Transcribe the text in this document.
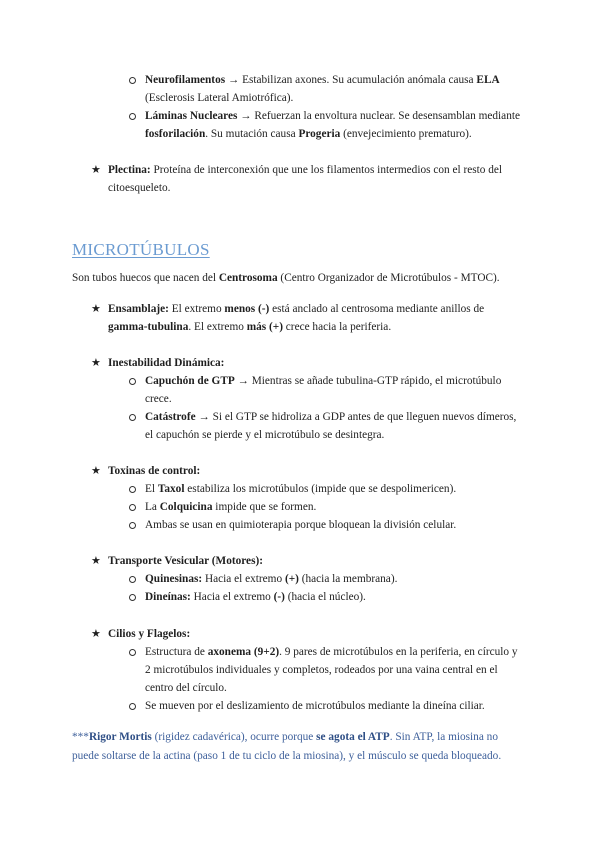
Neurofilamentos → Estabilizan axones. Su acumulación anómala causa ELA
(Esclerosis Lateral Amiotrófica).
Láminas Nucleares → Refuerzan la envoltura nuclear. Se desensamblan mediante
fosforilación. Su mutación causa Progeria (envejecimiento prematuro).
★ Plectina: Proteína de interconexión que une los filamentos intermedios con el resto del
citoesqueleto.
MICROTÚBULOS
Son tubos huecos que nacen del Centrosoma (Centro Organizador de Microtúbulos - MTOC).
★ Ensamblaje: El extremo menos (-) está anclado al centrosoma mediante anillos de
gamma-tubulina. El extremo más (+) crece hacia la periferia.
★ Inestabilidad Dinámica:
Capuchón de GTP → Mientras se añade tubulina-GTP rápido, el microtúbulo
crece.
Catástrofe → Si el GTP se hidroliza a GDP antes de que lleguen nuevos dímeros,
el capuchón se pierde y el microtúbulo se desintegra.
★ Toxinas de control:
El Taxol estabiliza los microtúbulos (impide que se despolimericen).
La Colquicina impide que se formen.
Ambas se usan en quimioterapia porque bloquean la división celular.
★ Transporte Vesicular (Motores):
Quinesinas: Hacia el extremo (+) (hacia la membrana).
Dineínas: Hacia el extremo (-) (hacia el núcleo).
★ Cilios y Flagelos:
Estructura de axonema (9+2). 9 pares de microtúbulos en la periferia, en círculo y
2 microtúbulos individuales y completos, rodeados por una vaina central en el
centro del círculo.
Se mueven por el deslizamiento de microtúbulos mediante la dineína ciliar.
***Rigor Mortis (rigidez cadavérica), ocurre porque se agota el ATP. Sin ATP, la miosina no
puede soltarse de la actina (paso 1 de tu ciclo de la miosina), y el músculo se queda bloqueado.
